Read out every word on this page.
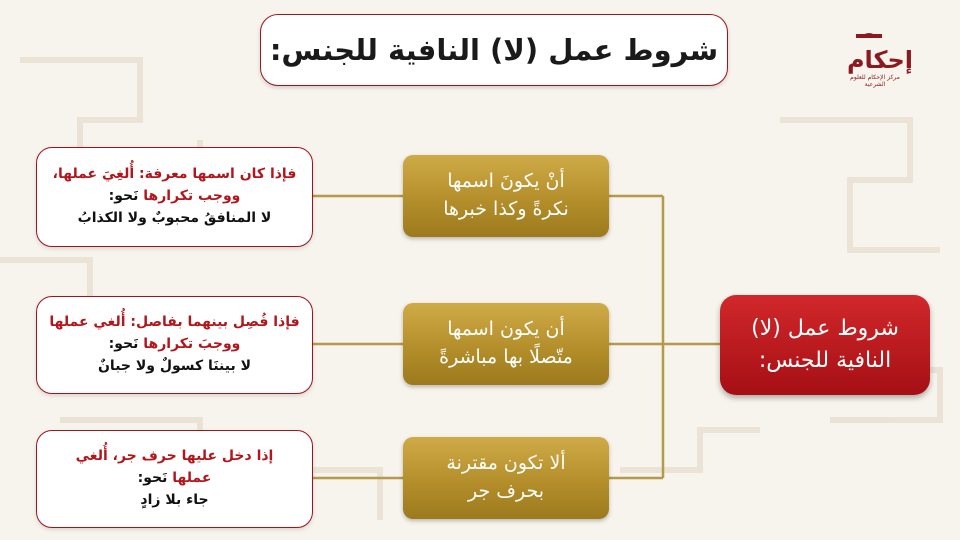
شروط عمل (لا) النافية للجنس:	إحكام
مركز الإحكام للعلوم الشرعية
شروط عمل (لا)
النافية للجنس:
أنْ يكونَ اسمها
نكرةً وكذا خبرها
فإذا كان اسمها معرفة: أُلغِيَ عملها،
ووجب تكرارها نَحو:
لا المنافقُ محبوبٌ ولا الكذابُ
أن يكون اسمها
متّصلًا بها مباشرةً
فإذا فُصِل بينهما بفاصل: أُلغي عملها
ووجبَ تكرارها نَحو:
لا بيننَا كسولٌ ولا جبانٌ
ألا تكون مقترنة
بحرف جر
إذا دخل عليها حرف جر، أُلغي
عملها نَحو:
جاء بلا زادٍ
